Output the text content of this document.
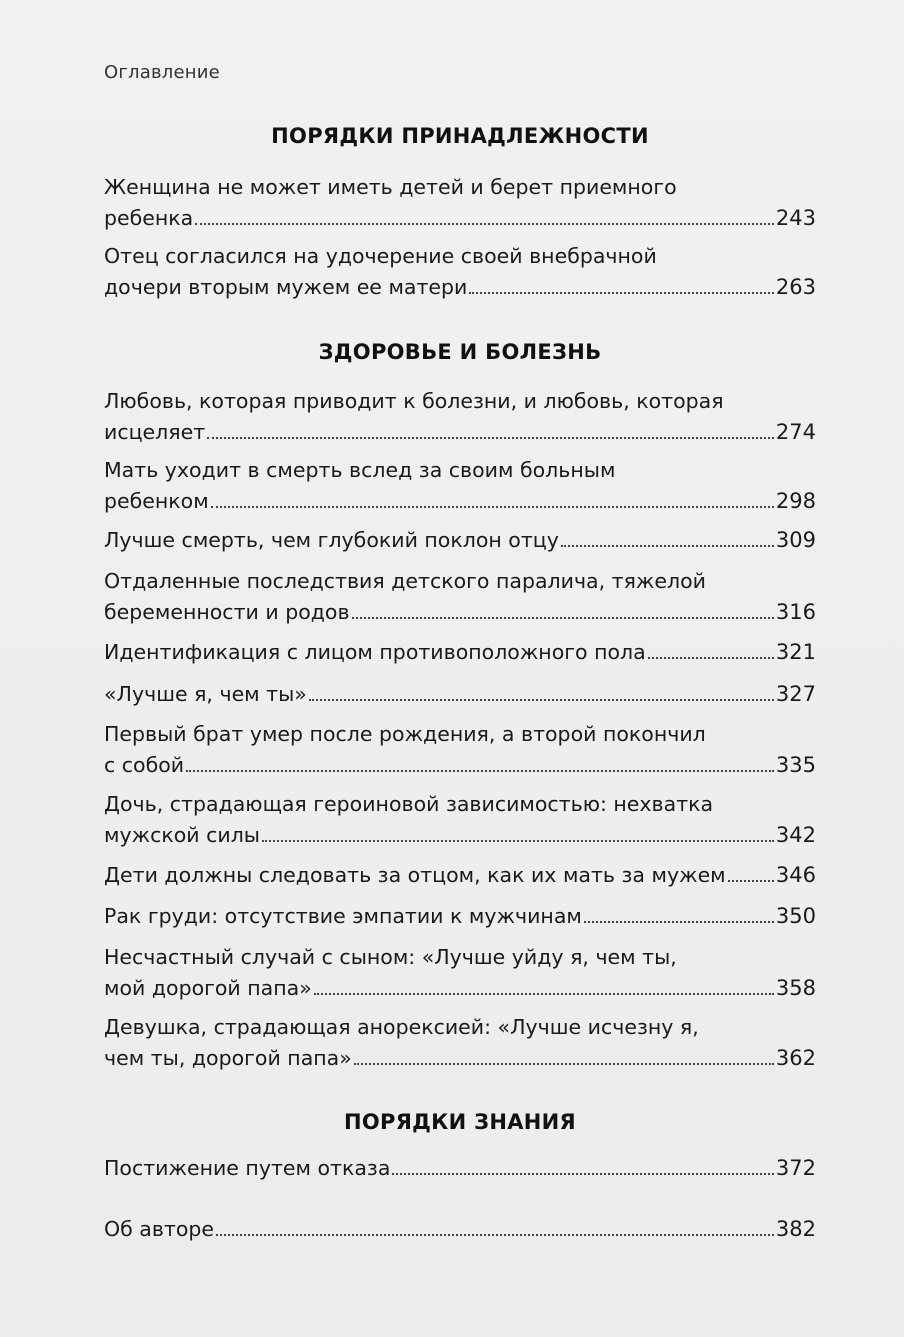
Оглавление
ПОРЯДКИ ПРИНАДЛЕЖНОСТИ
Женщина не может иметь детей и берет приемного
ребенка	243
Отец согласился на удочерение своей внебрачной
дочери вторым мужем ее матери	263
ЗДОРОВЬЕ И БОЛЕЗНЬ
Любовь, которая приводит к болезни, и любовь, которая
исцеляет	274
Мать уходит в смерть вслед за своим больным
ребенком	298
Лучше смерть, чем глубокий поклон отцу	309
Отдаленные последствия детского паралича, тяжелой
беременности и родов	316
Идентификация с лицом противоположного пола	321
«Лучше я, чем ты»	327
Первый брат умер после рождения, а второй покончил
с собой	335
Дочь, страдающая героиновой зависимостью: нехватка
мужской силы	342
Дети должны следовать за отцом, как их мать за мужем 346
Рак груди: отсутствие эмпатии к мужчинам	350
Несчастный случай с сыном: «Лучше уйду я, чем ты,
мой дорогой папа»	358
Девушка, страдающая анорексией: «Лучше исчезну я,
чем ты, дорогой папа»	362
ПОРЯДКИ ЗНАНИЯ
Постижение путем отказа	372
Об авторе	382
